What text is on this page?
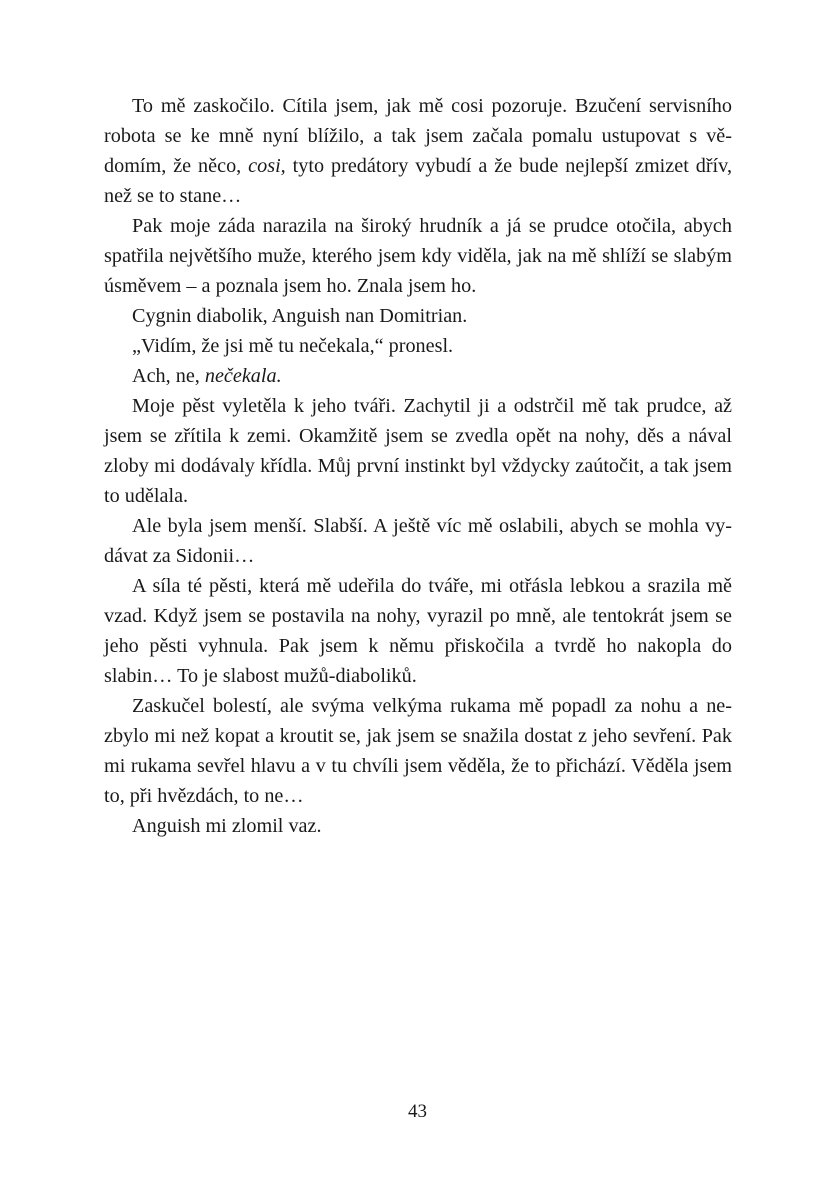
To mě zaskočilo. Cítila jsem, jak mě cosi pozoruje. Bzučení servisního robota se ke mně nyní blížilo, a tak jsem začala pomalu ustupovat s vědomím, že něco, cosi, tyto predátory vybudí a že bude nejlepší zmizet dřív, než se to stane…

Pak moje záda narazila na široký hrudník a já se prudce otočila, abych spatřila největšího muže, kterého jsem kdy viděla, jak na mě shlíží se slabým úsměvem – a poznala jsem ho. Znala jsem ho.

Cygnin diabolik, Anguish nan Domitrian.

„Vidím, že jsi mě tu nečekala,“ pronesl.

Ach, ne, nečekala.

Moje pěst vyletěla k jeho tváři. Zachytil ji a odstrčil mě tak prudce, až jsem se zřítila k zemi. Okamžitě jsem se zvedla opět na nohy, děs a nával zloby mi dodávaly křídla. Můj první instinkt byl vždycky zaútočit, a tak jsem to udělala.

Ale byla jsem menší. Slabší. A ještě víc mě oslabili, abych se mohla vydávat za Sidonii…

A síla té pěsti, která mě udeřila do tváře, mi otřásla lebkou a srazila mě vzad. Když jsem se postavila na nohy, vyrazil po mně, ale tentokrát jsem se jeho pěsti vyhnula. Pak jsem k němu přiskočila a tvrdě ho nakopla do slabin… To je slabost mužů-diaboliků.

Zaskučel bolestí, ale svýma velkýma rukama mě popadl za nohu a nezbylo mi než kopat a kroutit se, jak jsem se snažila dostat z jeho sevření. Pak mi rukama sevřel hlavu a v tu chvíli jsem věděla, že to přichází. Věděla jsem to, při hvězdách, to ne…

Anguish mi zlomil vaz.

43
